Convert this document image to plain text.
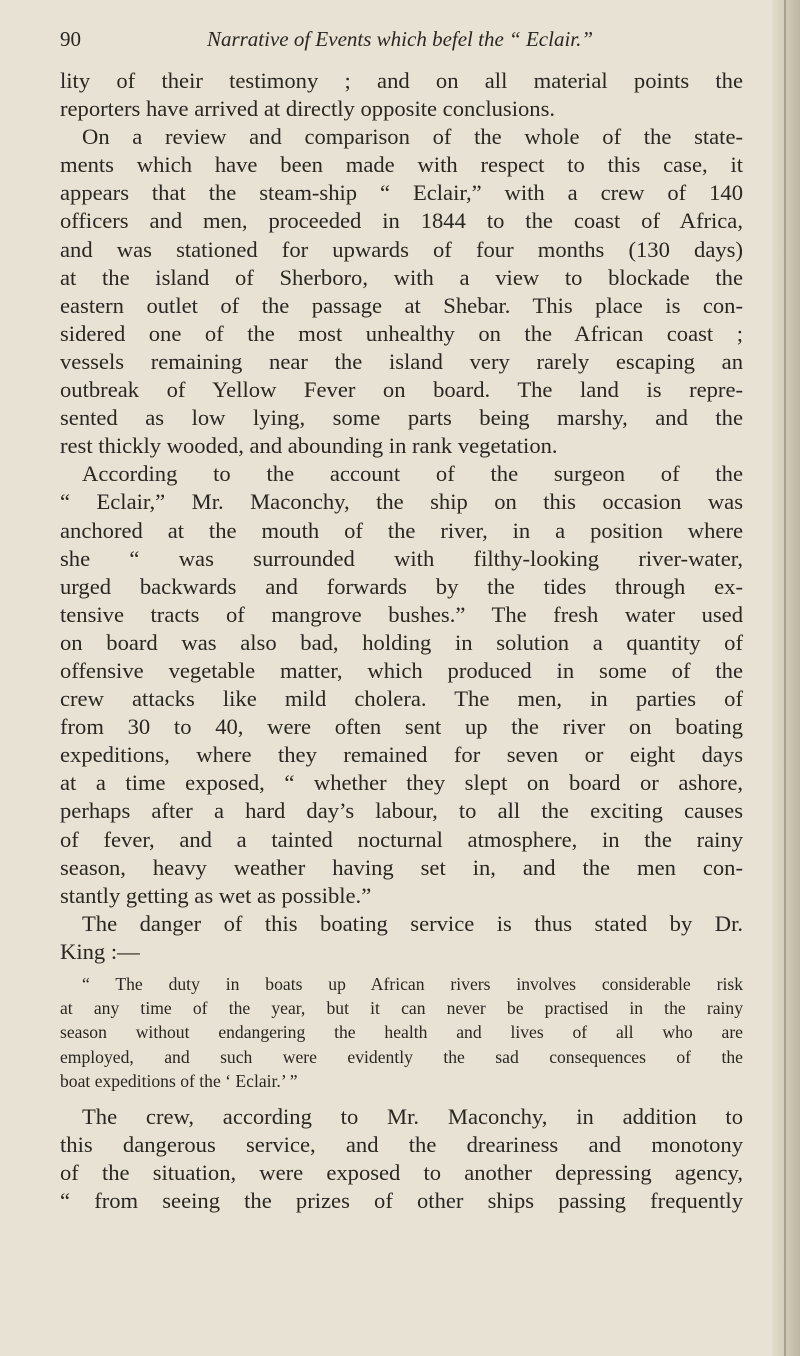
90	Narrative of Events which befel the “ Eclair.”
lity of their testimony ; and on all material points the
reporters have arrived at directly opposite conclusions.
On a review and comparison of the whole of the state-
ments which have been made with respect to this case, it
appears that the steam-ship “ Eclair,” with a crew of 140
officers and men, proceeded in 1844 to the coast of Africa,
and was stationed for upwards of four months (130 days)
at the island of Sherboro, with a view to blockade the
eastern outlet of the passage at Shebar. This place is con-
sidered one of the most unhealthy on the African coast ;
vessels remaining near the island very rarely escaping an
outbreak of Yellow Fever on board. The land is repre-
sented as low lying, some parts being marshy, and the
rest thickly wooded, and abounding in rank vegetation.
According to the account of the surgeon of the
“ Eclair,” Mr. Maconchy, the ship on this occasion was
anchored at the mouth of the river, in a position where
she “ was surrounded with filthy-looking river-water,
urged backwards and forwards by the tides through ex-
tensive tracts of mangrove bushes.” The fresh water used
on board was also bad, holding in solution a quantity of
offensive vegetable matter, which produced in some of the
crew attacks like mild cholera. The men, in parties of
from 30 to 40, were often sent up the river on boating
expeditions, where they remained for seven or eight days
at a time exposed, “ whether they slept on board or ashore,
perhaps after a hard day’s labour, to all the exciting causes
of fever, and a tainted nocturnal atmosphere, in the rainy
season, heavy weather having set in, and the men con-
stantly getting as wet as possible.”
The danger of this boating service is thus stated by Dr.
King :—
“ The duty in boats up African rivers involves considerable risk
at any time of the year, but it can never be practised in the rainy
season without endangering the health and lives of all who are
employed, and such were evidently the sad consequences of the
boat expeditions of the ‘ Eclair.’ ”
The crew, according to Mr. Maconchy, in addition to
this dangerous service, and the dreariness and monotony
of the situation, were exposed to another depressing agency,
“ from seeing the prizes of other ships passing frequently
